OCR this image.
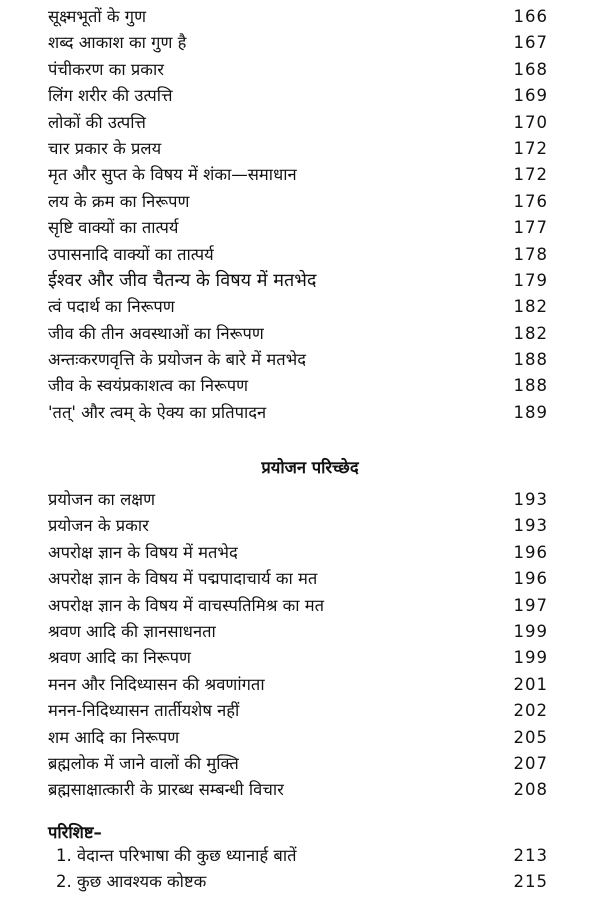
सूक्ष्मभूतों के गुण	166
शब्द आकाश का गुण है	167
पंचीकरण का प्रकार	168
लिंग शरीर की उत्पत्ति	169
लोकों की उत्पत्ति	170
चार प्रकार के प्रलय	172
मृत और सुप्त के विषय में शंका—समाधान	172
लय के क्रम का निरूपण	176
सृष्टि वाक्यों का तात्पर्य	177
उपासनादि वाक्यों का तात्पर्य	178
ईश्वर और जीव चैतन्य के विषय में मतभेद	179
त्वं पदार्थ का निरूपण	182
जीव की तीन अवस्थाओं का निरूपण	182
अन्तःकरणवृत्ति के प्रयोजन के बारे में मतभेद	188
जीव के स्वयंप्रकाशत्व का निरूपण	188
'तत्' और त्वम् के ऐक्य का प्रतिपादन	189
प्रयोजन परिच्छेद
प्रयोजन का लक्षण	193
प्रयोजन के प्रकार	193
अपरोक्ष ज्ञान के विषय में मतभेद	196
अपरोक्ष ज्ञान के विषय में पद्मपादाचार्य का मत	196
अपरोक्ष ज्ञान के विषय में वाचस्पतिमिश्र का मत	197
श्रवण आदि की ज्ञानसाधनता	199
श्रवण आदि का निरूपण	199
मनन और निदिध्यासन की श्रवणांगता	201
मनन-निदिध्यासन तार्तीयशेष नहीं	202
शम आदि का निरूपण	205
ब्रह्मलोक में जाने वालों की मुक्ति	207
ब्रह्मसाक्षात्कारी के प्रारब्ध सम्बन्धी विचार	208
परिशिष्ट–
1. वेदान्त परिभाषा की कुछ ध्यानार्ह बातें	213
2. कुछ आवश्यक कोष्टक	215
